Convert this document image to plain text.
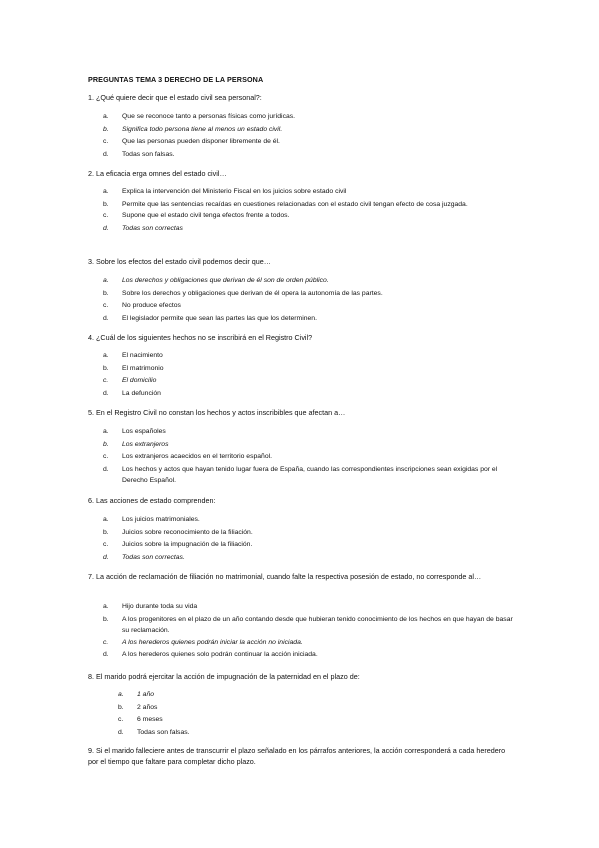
PREGUNTAS TEMA 3 DERECHO DE LA PERSONA
1. ¿Qué quiere decir que el estado civil sea personal?:
a.	Que se reconoce tanto a personas físicas como jurídicas.
b.	Significa todo persona tiene al menos un estado civil.
c.	Que las personas pueden disponer libremente de él.
d.	Todas son falsas.
2. La eficacia erga omnes del estado civil…
a.	Explica la intervención del Ministerio Fiscal en los juicios sobre estado civil
b.	Permite que las sentencias recaídas en cuestiones relacionadas con el estado civil tengan efecto de cosa juzgada.
c.	Supone que el estado civil tenga efectos frente a todos.
d.	Todas son correctas
3. Sobre los efectos del estado civil podemos decir que…
a.	Los derechos y obligaciones que derivan de él son de orden público.
b.	Sobre los derechos y obligaciones que derivan de él opera la autonomía de las partes.
c.	No produce efectos
d.	El legislador permite que sean las partes las que los determinen.
4. ¿Cuál de los siguientes hechos no se inscribirá en el Registro Civil?
a.	El nacimiento
b.	El matrimonio
c.	El domicilio
d.	La defunción
5. En el Registro Civil no constan los hechos y actos inscribibles que afectan a…
a.	Los españoles
b.	Los extranjeros
c.	Los extranjeros acaecidos en el territorio español.
d.	Los hechos y actos que hayan tenido lugar fuera de España, cuando las correspondientes inscripciones sean exigidas por el Derecho Español.
6. Las acciones de estado comprenden:
a.	Los juicios matrimoniales.
b.	Juicios sobre reconocimiento de la filiación.
c.	Juicios sobre la impugnación de la filiación.
d.	Todas son correctas.
7. La acción de reclamación de filiación no matrimonial, cuando falte la respectiva posesión de estado, no corresponde al…
a.	Hijo durante toda su vida
b.	A los progenitores en el plazo de un año contando desde que hubieran tenido conocimiento de los hechos en que hayan de basar su reclamación.
c.	A los herederos quienes podrán iniciar la acción no iniciada.
d.	A los herederos quienes solo podrán continuar la acción iniciada.
8. El marido podrá ejercitar la acción de impugnación de la paternidad en el plazo de:
a.	1 año
b.	2 años
c.	6 meses
d.	Todas son falsas.
9. Si el marido falleciere antes de transcurrir el plazo señalado en los párrafos anteriores, la acción corresponderá a cada heredero por el tiempo que faltare para completar dicho plazo.
